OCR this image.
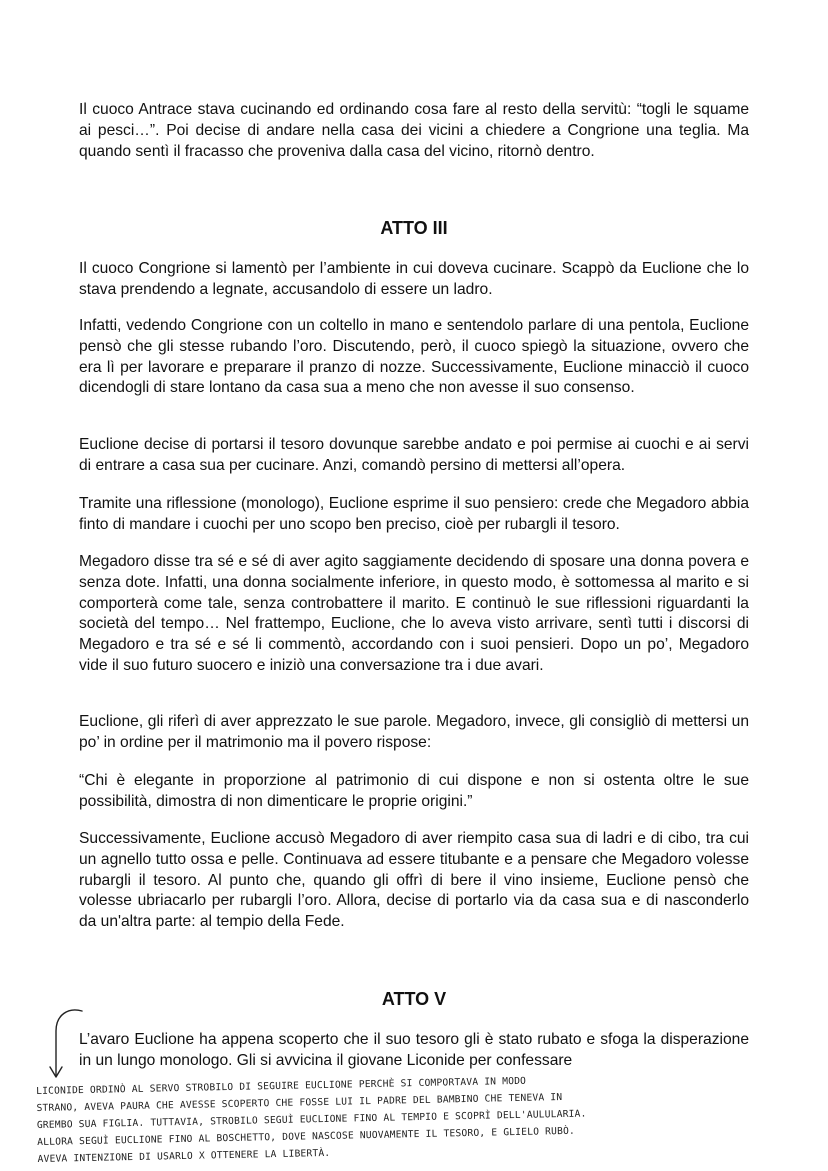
Il cuoco Antrace stava cucinando ed ordinando cosa fare al resto della servitù: “togli le squame ai pesci…”. Poi decise di andare nella casa dei vicini a chiedere a Congrione una teglia. Ma quando sentì il fracasso che proveniva dalla casa del vicino, ritornò dentro.

ATTO III

Il cuoco Congrione si lamentò per l’ambiente in cui doveva cucinare. Scappò da Euclione che lo stava prendendo a legnate, accusandolo di essere un ladro.

Infatti, vedendo Congrione con un coltello in mano e sentendolo parlare di una pentola, Euclione pensò che gli stesse rubando l’oro. Discutendo, però, il cuoco spiegò la situazione, ovvero che era lì per lavorare e preparare il pranzo di nozze. Successivamente, Euclione minacciò il cuoco dicendogli di stare lontano da casa sua a meno che non avesse il suo consenso.

Euclione decise di portarsi il tesoro dovunque sarebbe andato e poi permise ai cuochi e ai servi di entrare a casa sua per cucinare. Anzi, comandò persino di mettersi all’opera.

Tramite una riflessione (monologo), Euclione esprime il suo pensiero: crede che Megadoro abbia finto di mandare i cuochi per uno scopo ben preciso, cioè per rubargli il tesoro.

Megadoro disse tra sé e sé di aver agito saggiamente decidendo di sposare una donna povera e senza dote. Infatti, una donna socialmente inferiore, in questo modo, è sottomessa al marito e si comporterà come tale, senza controbattere il marito. E continuò le sue riflessioni riguardanti la società del tempo… Nel frattempo, Euclione, che lo aveva visto arrivare, sentì tutti i discorsi di Megadoro e tra sé e sé li commentò, accordando con i suoi pensieri. Dopo un po’, Megadoro vide il suo futuro suocero e iniziò una conversazione tra i due avari.

Euclione, gli riferì di aver apprezzato le sue parole. Megadoro, invece, gli consigliò di mettersi un po’ in ordine per il matrimonio ma il povero rispose:

“Chi è elegante in proporzione al patrimonio di cui dispone e non si ostenta oltre le sue possibilità, dimostra di non dimenticare le proprie origini.”

Successivamente, Euclione accusò Megadoro di aver riempito casa sua di ladri e di cibo, tra cui un agnello tutto ossa e pelle. Continuava ad essere titubante e a pensare che Megadoro volesse rubargli il tesoro. Al punto che, quando gli offrì di bere il vino insieme, Euclione pensò che volesse ubriacarlo per rubargli l’oro. Allora, decise di portarlo via da casa sua e di nasconderlo da un'altra parte: al tempio della Fede.

ATTO V

L’avaro Euclione ha appena scoperto che il suo tesoro gli è stato rubato e sfoga la disperazione in un lungo monologo. Gli si avvicina il giovane Liconide per confessare

LICONIDE ORDINÒ AL SERVO STROBILO DI SEGUIRE EUCLIONE PERCHÈ SI COMPORTAVA IN MODO
STRANO, AVEVA PAURA CHE AVESSE SCOPERTO CHE FOSSE LUI IL PADRE DEL BAMBINO CHE TENEVA IN
GREMBO SUA FIGLIA. TUTTAVIA, STROBILO SEGUÌ EUCLIONE FINO AL TEMPIO E SCOPRÌ DELL'AULULARIA.
ALLORA SEGUÌ EUCLIONE FINO AL BOSCHETTO, DOVE NASCOSE NUOVAMENTE IL TESORO, E GLIELO RUBÒ.
AVEVA INTENZIONE DI USARLO X OTTENERE LA LIBERTÀ.
